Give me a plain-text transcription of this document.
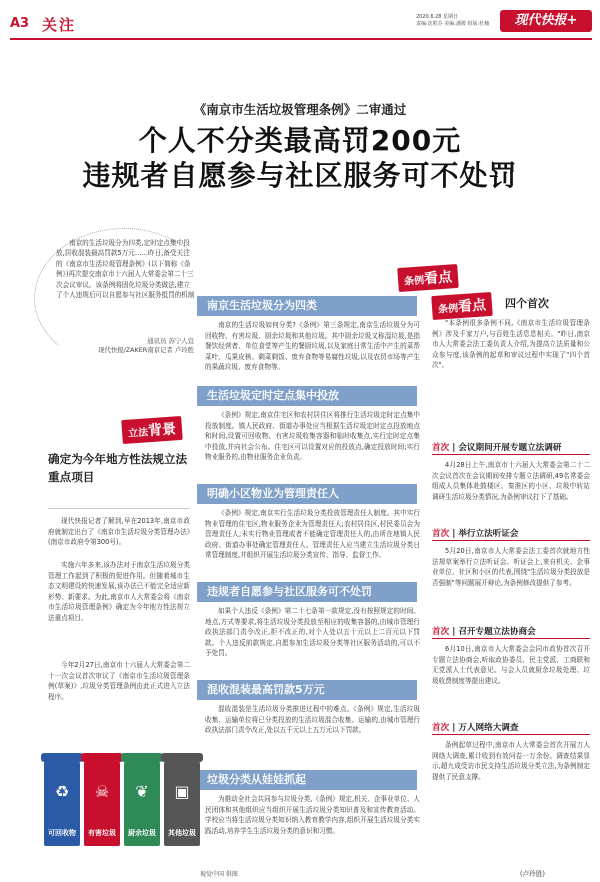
A3 关注	2020.6.28 星期日
责编:沈唱芬 美编:潘骏 组版:杜楠	现代快报+
《南京市生活垃圾管理条例》二审通过
个人不分类最高罚200元
违规者自愿参与社区服务可不处罚
南京的生活垃圾分为四类,定时定点集中投放,居收混装最高罚款5万元……昨日,备受关注的《南京市生活垃圾管理条例》(以下简称《条例》)再次提交南京市十六届人大常委会第二十三次会议审议。该条例将固化垃圾分类做法,建立了个人违规后可以自愿参与社区服务抵罚的机制
通讯员 苏宁人宣
现代快报/ZAKER南京记者 卢玲胜
条例看点
条例看点
立法背景
南京生活垃圾分为四类
南京的生活垃圾如何分类?《条例》第三条规定,南京生活垃圾分为可回收物、有害垃圾、厨余垃圾和其他垃圾。其中厨余垃圾又称湿垃圾,是指餐饮经营者、单位食堂等产生的餐厨垃圾,以及家庭日常生活中产生的菜帮菜叶、瓜果皮核、剩菜剩饭、废弃食物等易腐性垃圾,以及农贸市场等产生的果蔬垃圾、废弃食物等。
生活垃圾定时定点集中投放
《条例》规定,南京住宅区和农村居住区将推行生活垃圾定时定点集中投放制度。镇人民政府、街道办事处应当根据生活垃圾定时定点投放地点和时间,设置可回收物、有害垃圾收集容器和临时收集点,实行定时定点集中投放,并向社会公布。住宅区可以设置对应的投放点,确定投放时间;实行物业服务的,由物业服务企业负责。
明确小区物业为管理责任人
《条例》规定,南京实行生活垃圾分类投放管理责任人制度。其中实行物业管理的住宅区,物业服务企业为管理责任人;农村居住区,村民委员会为管理责任人;未实行物业管理或者不能确定管理责任人的,由所在地镇人民政府、街道办事处确定管理责任人。管理责任人应当建立生活垃圾分类日常管理制度,并组织开展生活垃圾分类宣传、指导、监督工作。
违规者自愿参与社区服务可不处罚
如果个人违反《条例》第二十七条第一款规定,没有按照规定的时间、地点,方式等要求,将生活垃圾分类投放至相应的收集容器的,由城市管理行政执法部门责令改正,拒不改正的,对个人处以五十元以上二百元以下罚款。个人违反前款规定,自愿参加生活垃圾分类等社区服务活动的,可以不予处罚。
混收混装最高罚款5万元
混收混装是生活垃圾分类推进过程中的难点。《条例》规定,生活垃圾收集、运输单位将已分类投放的生活垃圾混合收集、运输的,由城市管理行政执法部门责令改正,处以五千元以上五万元以下罚款。
垃圾分类从娃娃抓起
为推动全社会共同参与垃圾分类,《条例》规定,机关、企事业单位、人民团体和其他组织应当组织开展生活垃圾分类知识普及和宣传教育活动。学校应当将生活垃圾分类知识纳入教育教学内容,组织开展生活垃圾分类实践活动,培养学生生活垃圾分类的意识和习惯。
四个首次
"本条例很多条例不同,《南京市生活垃圾管理条例》涉及千家万户,与百姓生活息息相关。"昨日,南京市人大常委会法工委负责人介绍,为提高立法质量和公众参与度,该条例的起草和审议过程中实现了"四个首次"。
首次 | 会议期间开展专题立法调研
4月28日上午,南京市十六届人大常委会第二十二次会议首次在会议期间安排专题立法调研,49名常委会组成人员集体赴鼓楼区、秦淮区的小区、垃圾中转站调研生活垃圾分类情况,为条例审议打下了基础。
首次 | 举行立法听证会
5月20日,南京市人大常委会法工委首次就地方性法规草案举行立法听证会。听证会上,来自机关、企事业单位、社区和小区的代表,围绕"生活垃圾分类投放是否强制"等问题展开辩论,为条例修改提供了参考。
首次 | 召开专题立法协商会
6月10日,南京市人大常委会会同市政协首次召开专题立法协商会,听取政协委员、民主党派、工商联和无党派人士代表意见。与会人员就厨余垃圾处理、垃圾收费制度等提出建议。
首次 | 万人网络大调查
条例起草过程中,南京市人大常委会首次开展万人网络大调查,累计收到有效问卷一万余份。调查结果显示,超九成受访市民支持生活垃圾分类立法,为条例制定提供了民意支撑。
(卢玲胜)
确定为今年地方性法规立法重点项目
现代快报记者了解到,早在2013年,南京市政府就制定出台了《南京市生活垃圾分类管理办法》(南京市政府令第300号)。
实施六年多来,该办法对于南京生活垃圾分类管理工作起到了积极的促进作用。但随着城市生态文明建设的快速发展,该办法已不能完全适应新形势、新要求。为此,南京市人大常委会将《南京市生活垃圾管理条例》确定为今年地方性法规立法重点项目。
今年2月27日,南京市十六届人大常委会第二十一次会议首次审议了《南京市生活垃圾管理条例(草案)》,垃圾分类管理条例由此正式进入立法程序。
♻
可回收物
☠
有害垃圾
❦
厨余垃圾
▣
其他垃圾
视觉中国 供图
